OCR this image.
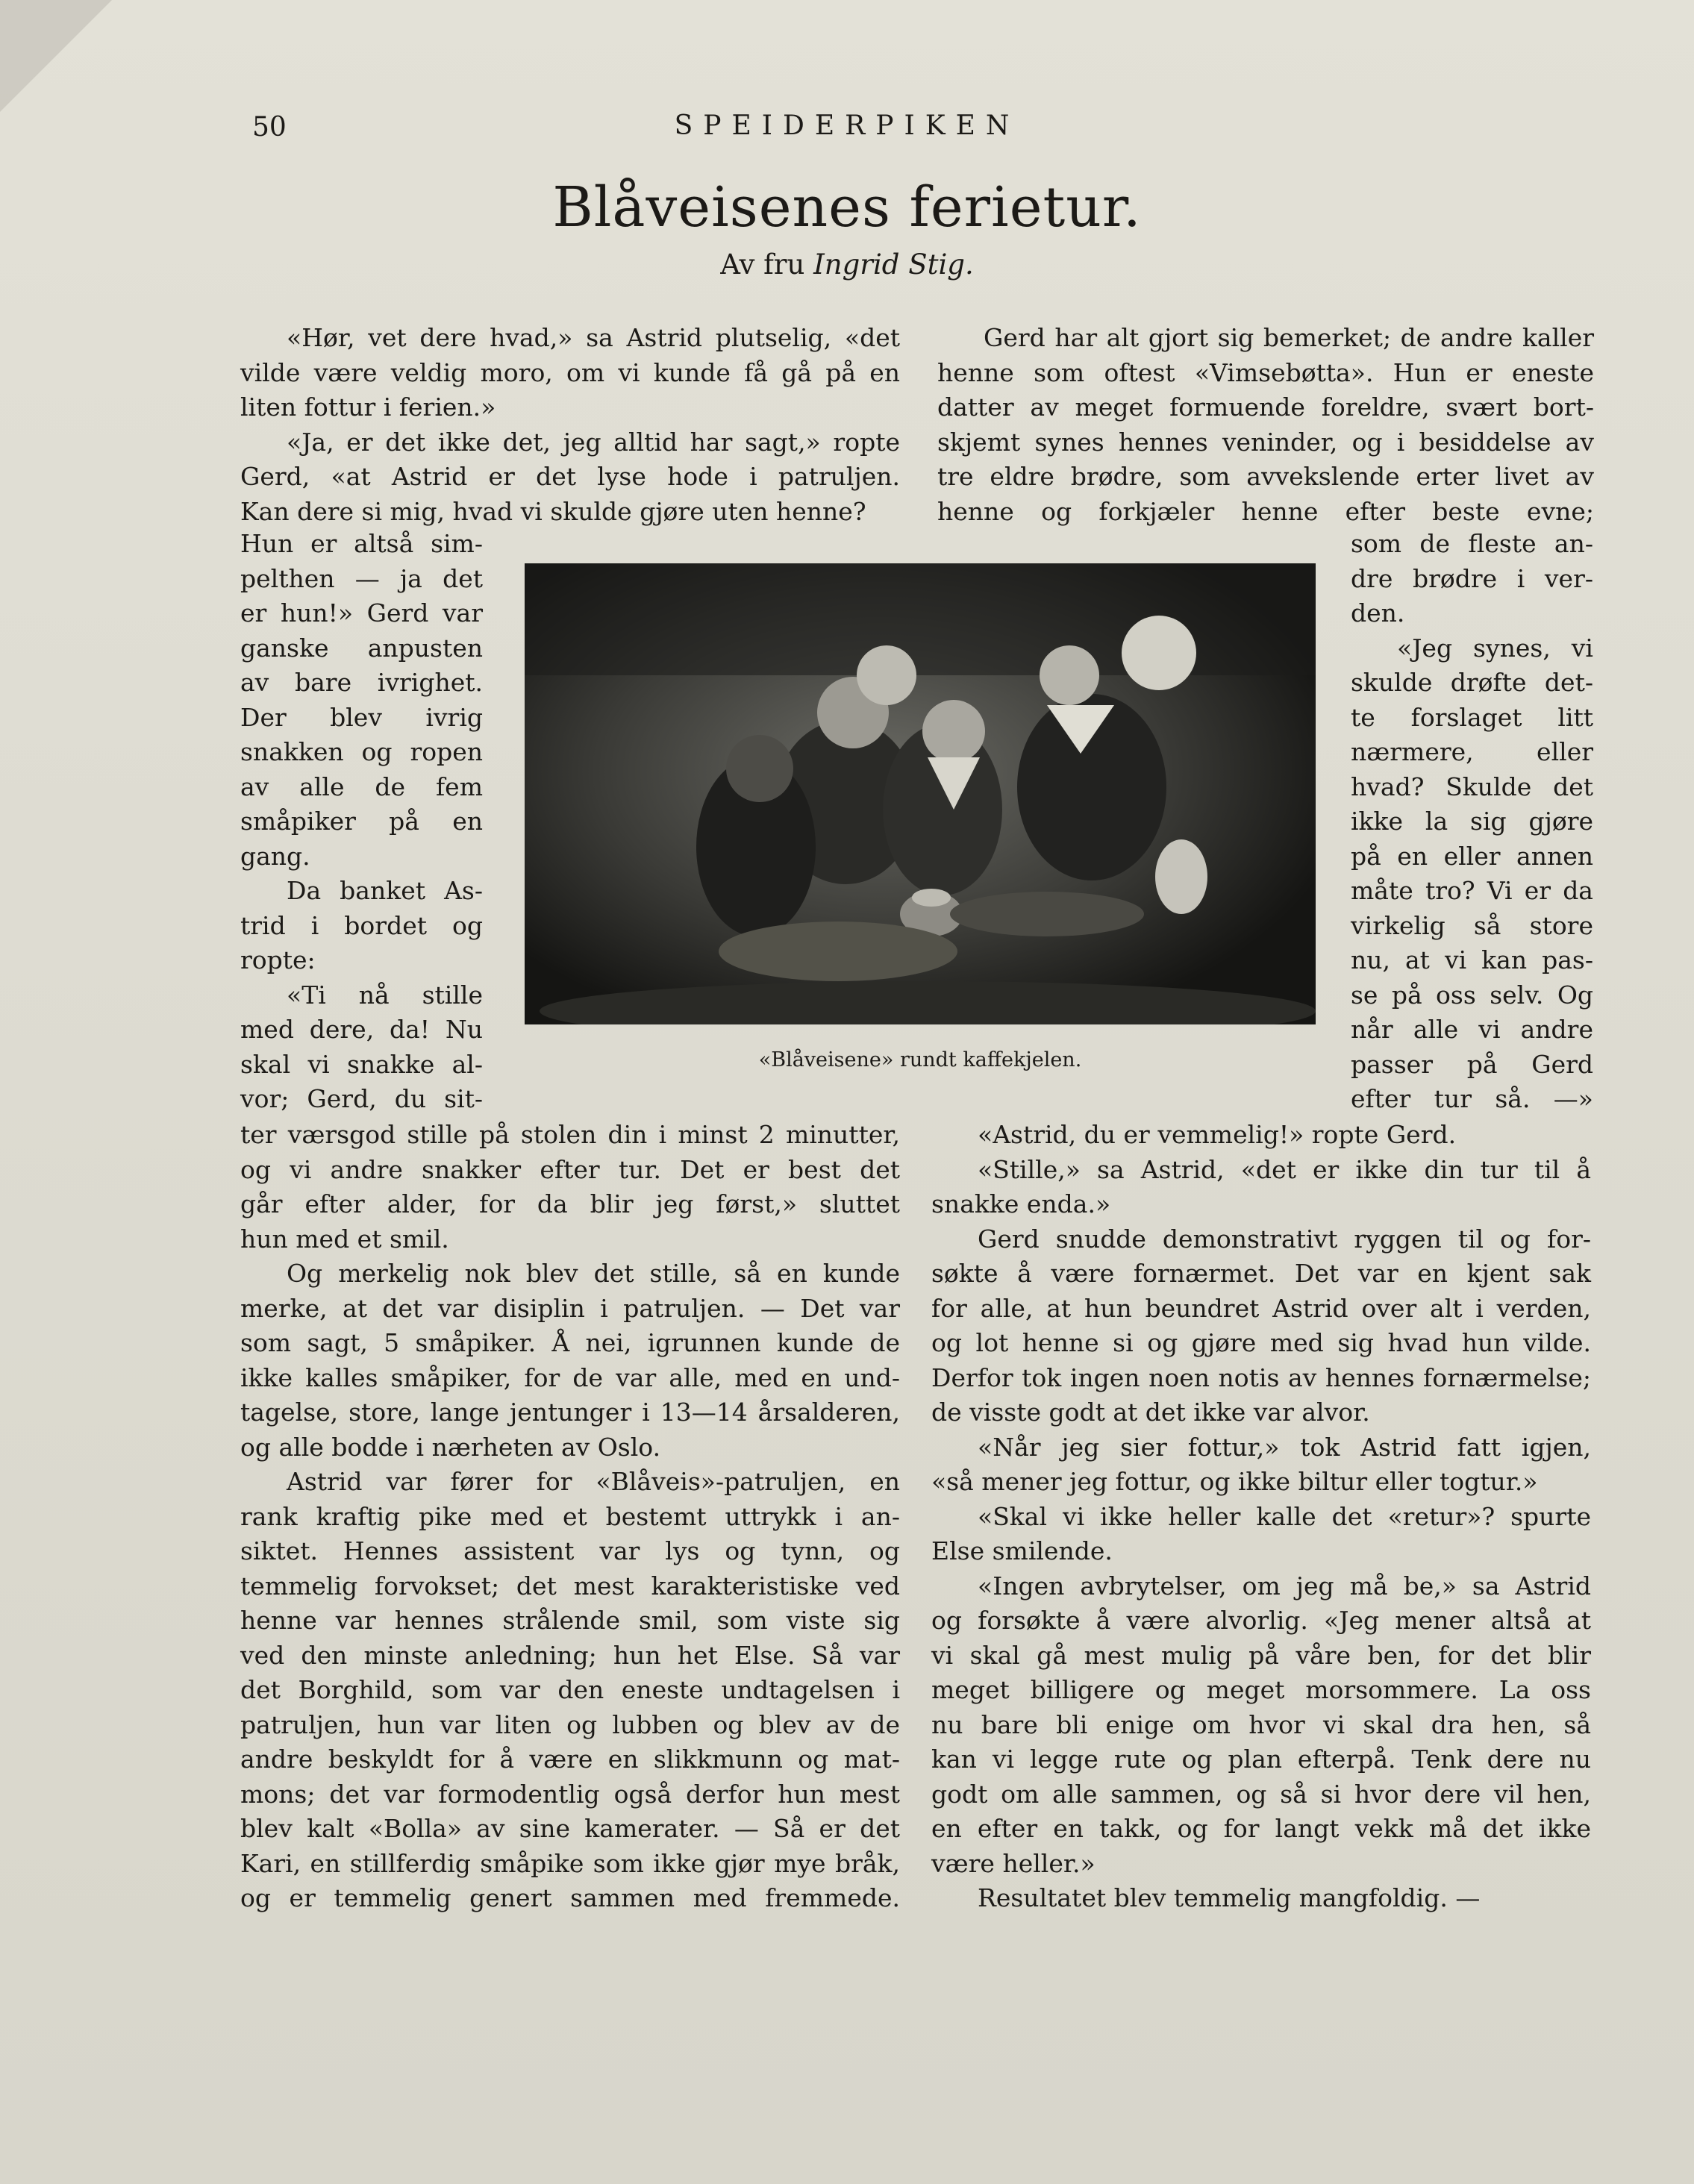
50	SPEIDERPIKEN
Blåveisenes ferietur.
Av fru Ingrid Stig.
«Blåveisene» rundt kaffekjelen.
«Hør, vet dere hvad,» sa Astrid plutselig, «det
vilde være veldig moro, om vi kunde få gå på en
liten fottur i ferien.»
«Ja, er det ikke det, jeg alltid har sagt,» ropte
Gerd, «at Astrid er det lyse hode i patruljen.
Kan dere si mig, hvad vi skulde gjøre uten henne?
Hun er altså sim-
pelthen — ja det
er hun!» Gerd var
ganske anpusten
av bare ivrighet.
Der blev ivrig
snakken og ropen
av alle de fem
småpiker på en
gang.
Da banket As-
trid i bordet og
ropte:
«Ti nå stille
med dere, da! Nu
skal vi snakke al-
vor; Gerd, du sit-
ter værsgod stille på stolen din i minst 2 minutter,
og vi andre snakker efter tur. Det er best det
går efter alder, for da blir jeg først,» sluttet
hun med et smil.
Og merkelig nok blev det stille, så en kunde
merke, at det var disiplin i patruljen. — Det var
som sagt, 5 småpiker. Å nei, igrunnen kunde de
ikke kalles småpiker, for de var alle, med en und-
tagelse, store, lange jentunger i 13—14 årsalderen,
og alle bodde i nærheten av Oslo.
Astrid var fører for «Blåveis»-patruljen, en
rank kraftig pike med et bestemt uttrykk i an-
siktet. Hennes assistent var lys og tynn, og
temmelig forvokset; det mest karakteristiske ved
henne var hennes strålende smil, som viste sig
ved den minste anledning; hun het Else. Så var
det Borghild, som var den eneste undtagelsen i
patruljen, hun var liten og lubben og blev av de
andre beskyldt for å være en slikkmunn og mat-
mons; det var formodentlig også derfor hun mest
blev kalt «Bolla» av sine kamerater. — Så er det
Kari, en stillferdig småpike som ikke gjør mye bråk,
og er temmelig genert sammen med fremmede.
Gerd har alt gjort sig bemerket; de andre kaller
henne som oftest «Vimsebøtta». Hun er eneste
datter av meget formuende foreldre, svært bort-
skjemt synes hennes veninder, og i besiddelse av
tre eldre brødre, som avvekslende erter livet av
henne og forkjæler henne efter beste evne;
som de fleste an-
dre brødre i ver-
den.
«Jeg synes, vi
skulde drøfte det-
te forslaget litt
nærmere, eller
hvad? Skulde det
ikke la sig gjøre
på en eller annen
måte tro? Vi er da
virkelig så store
nu, at vi kan pas-
se på oss selv. Og
når alle vi andre
passer på Gerd
efter tur så. —»
«Astrid, du er vemmelig!» ropte Gerd.
«Stille,» sa Astrid, «det er ikke din tur til å
snakke enda.»
Gerd snudde demonstrativt ryggen til og for-
søkte å være fornærmet. Det var en kjent sak
for alle, at hun beundret Astrid over alt i verden,
og lot henne si og gjøre med sig hvad hun vilde.
Derfor tok ingen noen notis av hennes fornærmelse;
de visste godt at det ikke var alvor.
«Når jeg sier fottur,» tok Astrid fatt igjen,
«så mener jeg fottur, og ikke biltur eller togtur.»
«Skal vi ikke heller kalle det «retur»? spurte
Else smilende.
«Ingen avbrytelser, om jeg må be,» sa Astrid
og forsøkte å være alvorlig. «Jeg mener altså at
vi skal gå mest mulig på våre ben, for det blir
meget billigere og meget morsommere. La oss
nu bare bli enige om hvor vi skal dra hen, så
kan vi legge rute og plan efterpå. Tenk dere nu
godt om alle sammen, og så si hvor dere vil hen,
en efter en takk, og for langt vekk må det ikke
være heller.»
Resultatet blev temmelig mangfoldig. —
